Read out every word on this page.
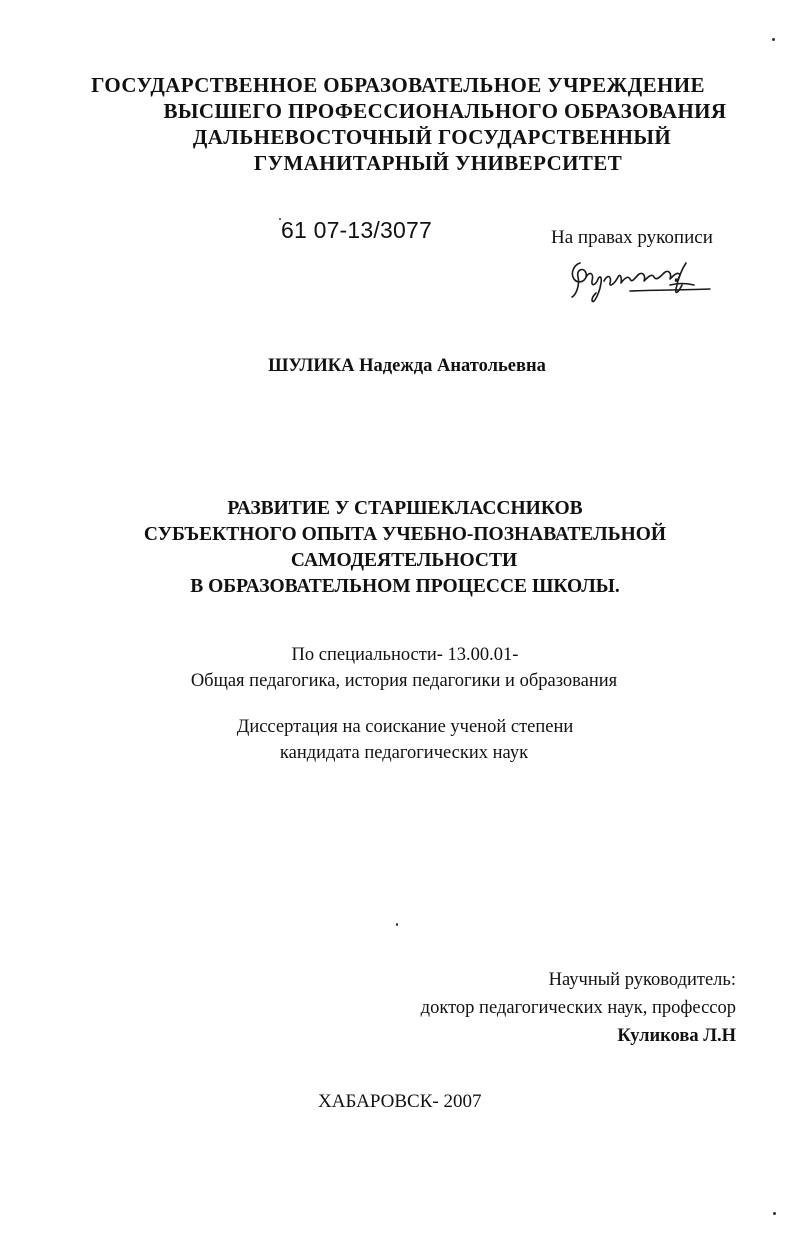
ГОСУДАРСТВЕННОЕ ОБРАЗОВАТЕЛЬНОЕ УЧРЕЖДЕНИЕ
ВЫСШЕГО ПРОФЕССИОНАЛЬНОГО ОБРАЗОВАНИЯ
ДАЛЬНЕВОСТОЧНЫЙ ГОСУДАРСТВЕННЫЙ
ГУМАНИТАРНЫЙ УНИВЕРСИТЕТ
61 07-13/3077	На правах рукописи
ШУЛИКА Надежда Анатольевна
РАЗВИТИЕ У СТАРШЕКЛАССНИКОВ
СУБЪЕКТНОГО ОПЫТА УЧЕБНО-ПОЗНАВАТЕЛЬНОЙ
САМОДЕЯТЕЛЬНОСТИ
В ОБРАЗОВАТЕЛЬНОМ ПРОЦЕССЕ ШКОЛЫ.
По специальности- 13.00.01-
Общая педагогика, история педагогики и образования
Диссертация на соискание ученой степени
кандидата педагогических наук
Научный руководитель:
доктор педагогических наук, профессор
Куликова Л.Н
ХАБАРОВСК- 2007
